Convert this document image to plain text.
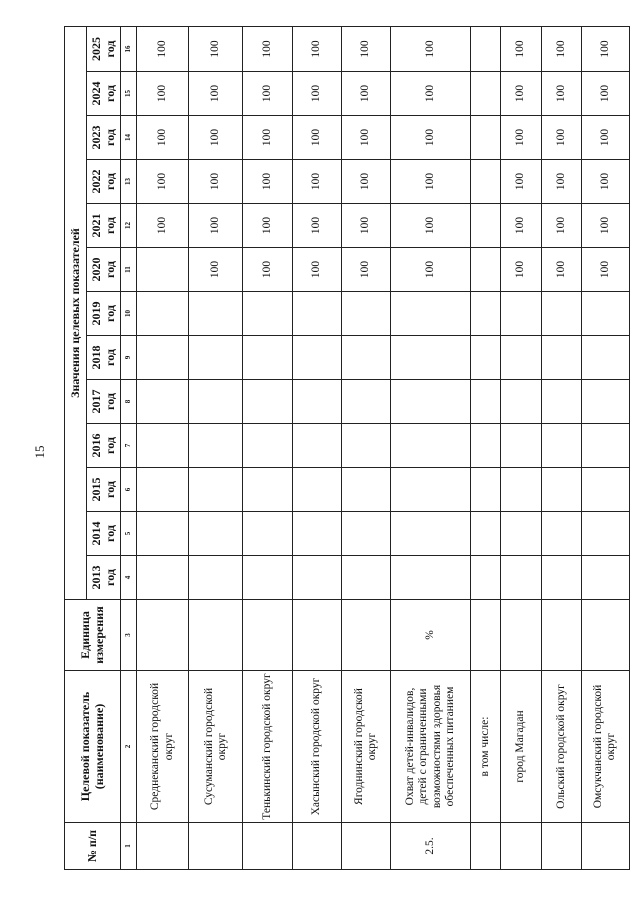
15
№ п/п	Целевой показатель (наименование)	Единица измерения	Значения целевых показателей												
			2013 год	2014 год	2015 год	2016 год	2017 год	2018 год	2019 год	2020 год	2021 год	2022 год	2023 год	2024 год	2025 год
1	2	3	4	5	6	7	8	9	10	11	12	13	14	15	16
	Среднеканский городской округ										100	100	100	100	100
	Сусуманский городской округ									100	100	100	100	100	100
	Тенькинский городской округ									100	100	100	100	100	100
	Хасынский городской округ									100	100	100	100	100	100
	Ягоднинский городской округ									100	100	100	100	100	100
2.5.	Охват детей-инвалидов, детей с ограниченными возможностями здоровья обеспеченных питанием	%								100	100	100	100	100	100
	в том числе:														
	город Магадан									100	100	100	100	100	100
	Ольский городской округ									100	100	100	100	100	100
	Омсукчанский городской округ									100	100	100	100	100	100
